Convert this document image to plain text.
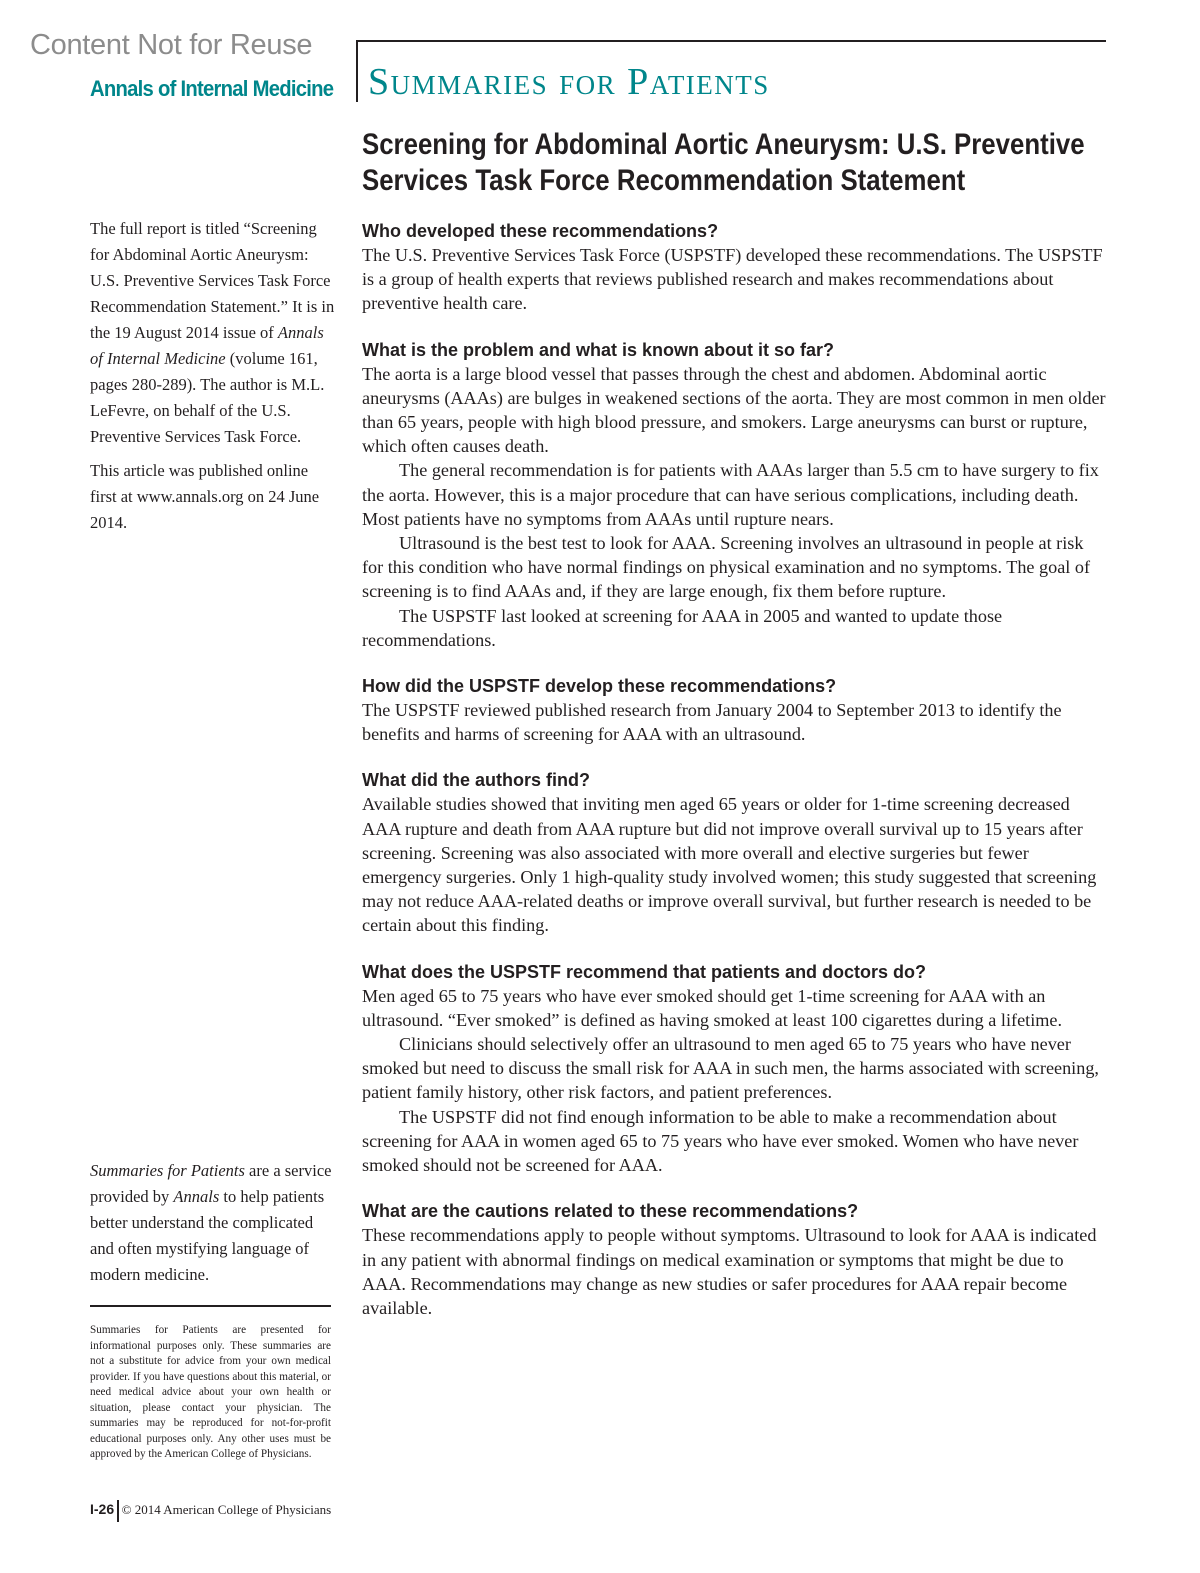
Content Not for Reuse
Annals of Internal Medicine Summaries for Patients
Screening for Abdominal Aortic Aneurysm: U.S. Preventive Services Task Force Recommendation Statement

The full report is titled “Screening for Abdominal Aortic Aneurysm: U.S. Preventive Services Task Force Recommendation Statement.” It is in the 19 August 2014 issue of Annals of Internal Medicine (volume 161, pages 280-289). The author is M.L. LeFevre, on behalf of the U.S. Preventive Services Task Force.

This article was published online first at www.annals.org on 24 June 2014.

Summaries for Patients are a service provided by Annals to help patients better understand the complicated and often mystifying language of modern medicine.

Summaries for Patients are presented for informational purposes only. These summaries are not a substitute for advice from your own medical provider. If you have questions about this material, or need medical advice about your own health or situation, please contact your physician. The summaries may be reproduced for not-for-profit educational purposes only. Any other uses must be approved by the American College of Physicians.
I-26 © 2014 American College of Physicians
Who developed these recommendations?

The U.S. Preventive Services Task Force (USPSTF) developed these recommendations. The USPSTF is a group of health experts that reviews published research and makes recommendations about preventive health care.

What is the problem and what is known about it so far?

The aorta is a large blood vessel that passes through the chest and abdomen. Abdominal aortic aneurysms (AAAs) are bulges in weakened sections of the aorta. They are most common in men older than 65 years, people with high blood pressure, and smokers. Large aneurysms can burst or rupture, which often causes death.

The general recommendation is for patients with AAAs larger than 5.5 cm to have surgery to fix the aorta. However, this is a major procedure that can have serious complications, including death. Most patients have no symptoms from AAAs until rupture nears.

Ultrasound is the best test to look for AAA. Screening involves an ultrasound in people at risk for this condition who have normal findings on physical examination and no symptoms. The goal of screening is to find AAAs and, if they are large enough, fix them before rupture.

The USPSTF last looked at screening for AAA in 2005 and wanted to update those recommendations.

How did the USPSTF develop these recommendations?

The USPSTF reviewed published research from January 2004 to September 2013 to identify the benefits and harms of screening for AAA with an ultrasound.

What did the authors find?

Available studies showed that inviting men aged 65 years or older for 1-time screening decreased AAA rupture and death from AAA rupture but did not improve overall survival up to 15 years after screening. Screening was also associated with more overall and elective surgeries but fewer emergency surgeries. Only 1 high-quality study involved women; this study suggested that screening may not reduce AAA-related deaths or improve overall survival, but further research is needed to be certain about this finding.

What does the USPSTF recommend that patients and doctors do?

Men aged 65 to 75 years who have ever smoked should get 1-time screening for AAA with an ultrasound. “Ever smoked” is defined as having smoked at least 100 cigarettes during a lifetime.

Clinicians should selectively offer an ultrasound to men aged 65 to 75 years who have never smoked but need to discuss the small risk for AAA in such men, the harms associated with screening, patient family history, other risk factors, and patient preferences.

The USPSTF did not find enough information to be able to make a recommendation about screening for AAA in women aged 65 to 75 years who have ever smoked. Women who have never smoked should not be screened for AAA.

What are the cautions related to these recommendations?

These recommendations apply to people without symptoms. Ultrasound to look for AAA is indicated in any patient with abnormal findings on medical examination or symptoms that might be due to AAA. Recommendations may change as new studies or safer procedures for AAA repair become available.
